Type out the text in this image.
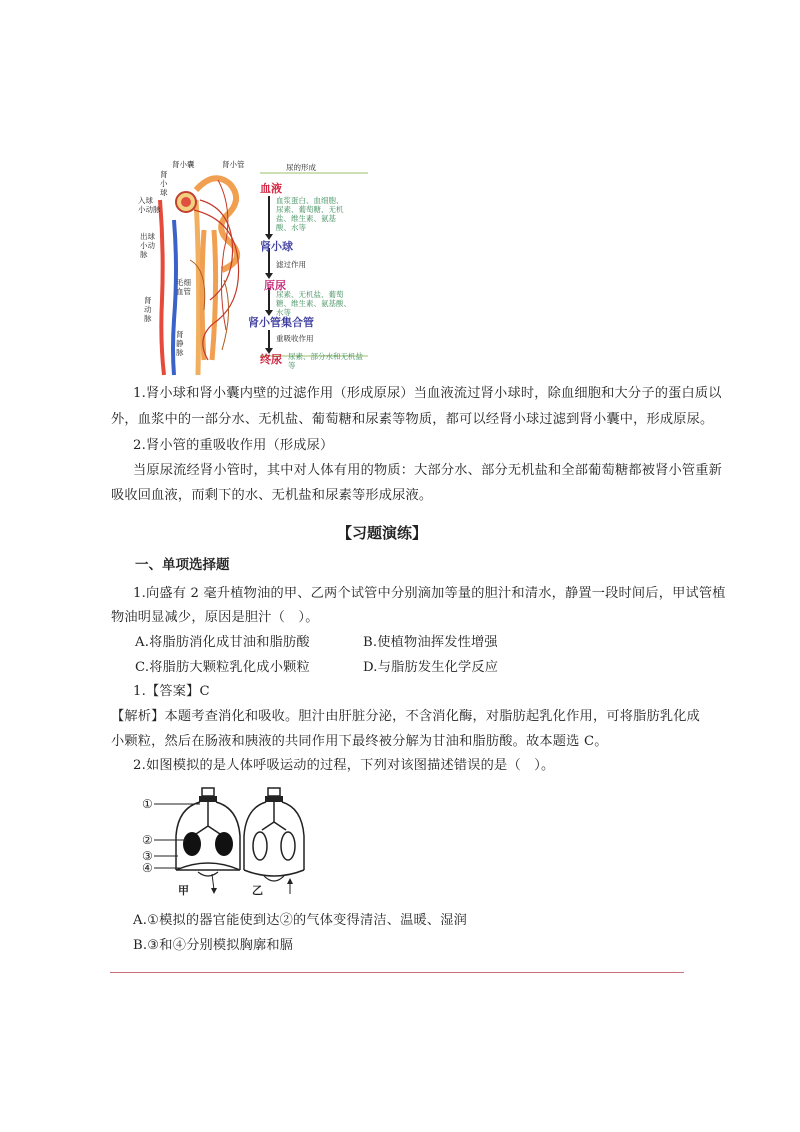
肾小囊	肾小管
肾
小
球
入球
小动脉
出球
小动
脉
毛细
血管
肾
动
脉
肾
静
脉
尿的形成
血液
血浆蛋白、血细胞、尿素、葡萄糖、无机盐、维生素、氨基酸、水等
肾小球
滤过作用
原尿
尿素、无机盐、葡萄糖、维生素、氨基酸、水等
肾小管集合管
重吸收作用
终尿 尿素、部分水和无机盐等
1.肾小球和肾小囊内壁的过滤作用（形成原尿）当血液流过肾小球时，除血细胞和大分子的蛋白质以
外，血浆中的一部分水、无机盐、葡萄糖和尿素等物质，都可以经肾小球过滤到肾小囊中，形成原尿。
2.肾小管的重吸收作用（形成尿）
当原尿流经肾小管时，其中对人体有用的物质：大部分水、部分无机盐和全部葡萄糖都被肾小管重新
吸收回血液，而剩下的水、无机盐和尿素等形成尿液。
【习题演练】
一、单项选择题
1.向盛有 2 毫升植物油的甲、乙两个试管中分别滴加等量的胆汁和清水，静置一段时间后，甲试管植
物油明显减少，原因是胆汁（　）。
A.将脂肪消化成甘油和脂肪酸	B.使植物油挥发性增强
C.将脂肪大颗粒乳化成小颗粒	D.与脂肪发生化学反应
1.【答案】C
【解析】本题考查消化和吸收。胆汁由肝脏分泌，不含消化酶，对脂肪起乳化作用，可将脂肪乳化成
小颗粒，然后在肠液和胰液的共同作用下最终被分解为甘油和脂肪酸。故本题选 C。
2.如图模拟的是人体呼吸运动的过程，下列对该图描述错误的是（　）。
①
②
③
④
甲	乙
A.①模拟的器官能使到达②的气体变得清洁、温暖、湿润
B.③和④分别模拟胸廓和膈
